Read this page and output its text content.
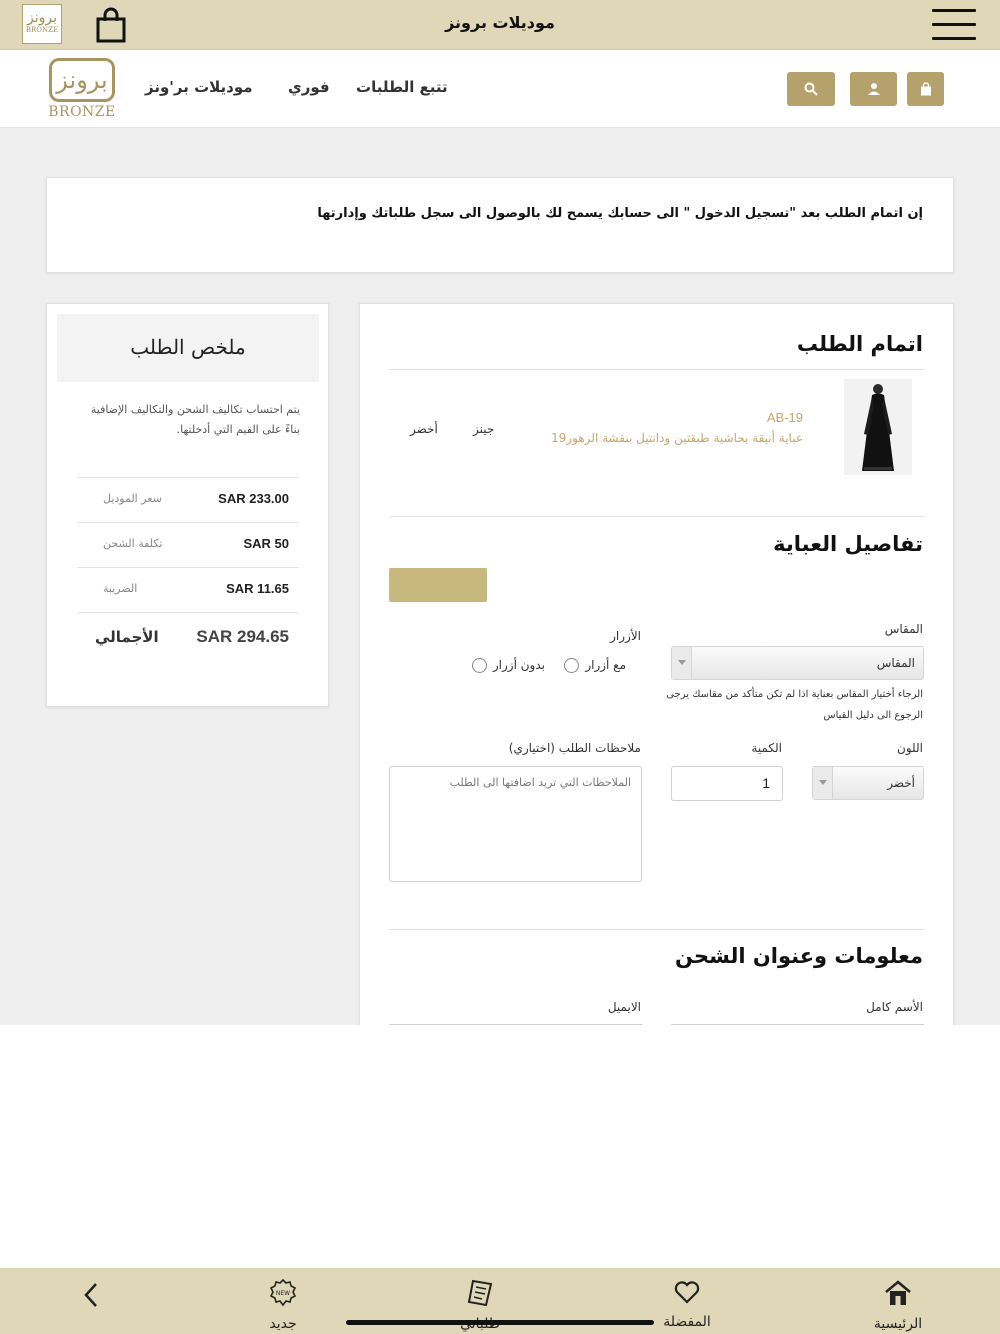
برونز
BRONZE	موديلات برونز
برونز
BRONZE
تتبع الطلبات
فوري
موديلات بر'ونز

إن اتمام الطلب بعد "تسجيل الدخول " الى حسابك يسمح لك بالوصول الى سجل طلباتك وإدارتها

ملخص الطلب
يتم احتساب تكاليف الشحن والتكاليف الإضافية بناءً على القيم التي أدخلتها.
SAR 233.00
سعر الموديل
SAR 50
تكلفة الشحن
SAR 11.65
الضريبة
SAR 294.65
الأجمالي
اتمام الطلب
AB-19
عباية أنيقة بحاشية طبقتين ودانتيل بنقشة الزهور19
جينز
أخضر
تفاصيل العباية
المقاس
المقاس
الرجاء أختيار المقاس بعناية اذا لم تكن متأكد من مقاسك يرجى الرجوع الى دليل القياس
الأزرار
مع أزرار
بدون أزرار
اللون
أخضر
الكمية
1
ملاحظات الطلب (اختياري)
الملاحظات التي تريد اضافتها الى الطلب
معلومات وعنوان الشحن
الأسم كامل
الايميل
NEW
جديد	المفضلة	الرئيسية
